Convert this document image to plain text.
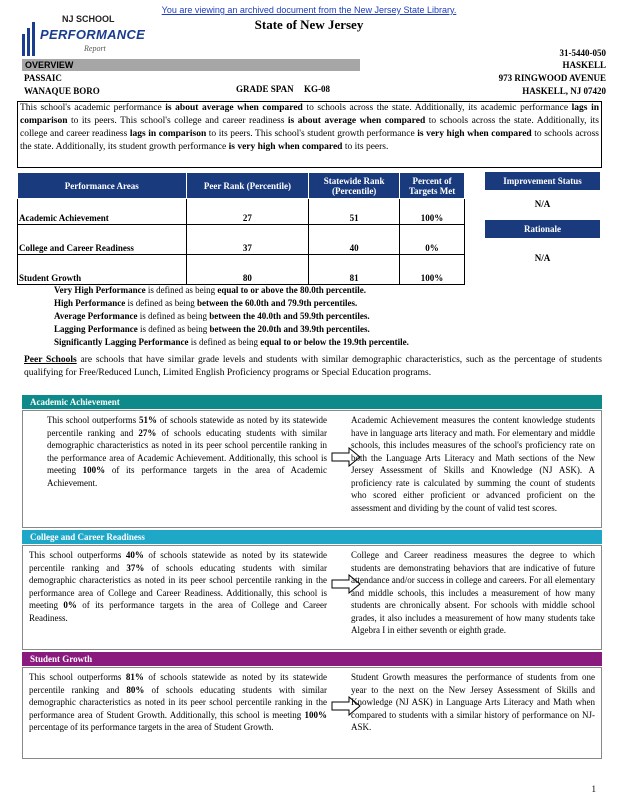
You are viewing an archived document from the New Jersey State Library.
State of New Jersey
NJ SCHOOL
PERFORMANCE
Report	31-5440-050
OVERVIEW
PASSAIC
WANAQUE BORO	GRADE SPAN KG-08
HASKELL
973 RINGWOOD AVENUE
HASKELL, NJ 07420
This school's academic performance is about average when compared to schools across the state. Additionally, its academic performance lags in comparison to its peers. This school's college and career readiness is about average when compared to schools across the state. Additionally, its college and career readiness lags in comparison to its peers. This school's student growth performance is very high when compared to schools across the state. Additionally, its student growth performance is very high when compared to its peers.
Performance Areas	Peer Rank (Percentile)	Statewide Rank (Percentile)	Percent of Targets Met
Academic Achievement	27	51	100%
College and Career Readiness	37	40	0%
Student Growth	80	81	100%
Improvement Status
N/A
Rationale
N/A
Very High Performance is defined as being equal to or above the 80.0th percentile.
High Performance is defined as being between the 60.0th and 79.9th percentiles.
Average Performance is defined as being between the 40.0th and 59.9th percentiles.
Lagging Performance is defined as being between the 20.0th and 39.9th percentiles.
Significantly Lagging Performance is defined as being equal to or below the 19.9th percentile.
Peer Schools are schools that have similar grade levels and students with similar demographic characteristics, such as the percentage of students qualifying for Free/Reduced Lunch, Limited English Proficiency programs or Special Education programs.
Academic Achievement
This school outperforms 51% of schools statewide as noted by its statewide percentile ranking and 27% of schools educating students with similar demographic characteristics as noted in its peer school percentile ranking in the performance area of Academic Achievement. Additionally, this school is meeting 100% of its performance targets in the area of Academic Achievement.
Academic Achievement measures the content knowledge students have in language arts literacy and math. For elementary and middle schools, this includes measures of the school's proficiency rate on both the Language Arts Literacy and Math sections of the New Jersey Assessment of Skills and Knowledge (NJ ASK). A proficiency rate is calculated by summing the count of students who scored either proficient or advanced proficient on the assessment and dividing by the count of valid test scores.
College and Career Readiness
This school outperforms 40% of schools statewide as noted by its statewide percentile ranking and 37% of schools educating students with similar demographic characteristics as noted in its peer school percentile ranking in the performance area of College and Career Readiness. Additionally, this school is meeting 0% of its performance targets in the area of College and Career Readiness.
College and Career readiness measures the degree to which students are demonstrating behaviors that are indicative of future attendance and/or success in college and careers. For all elementary and middle schools, this includes a measurement of how many students are chronically absent. For schools with middle school grades, it also includes a measurement of how many students take Algebra I in either seventh or eighth grade.
Student Growth
This school outperforms 81% of schools statewide as noted by its statewide percentile ranking and 80% of schools educating students with similar demographic characteristics as noted in its peer school percentile ranking in the performance area of Student Growth. Additionally, this school is meeting 100% percentage of its performance targets in the area of Student Growth.
Student Growth measures the performance of students from one year to the next on the New Jersey Assessment of Skills and Knowledge (NJ ASK) in Language Arts Literacy and Math when compared to students with a similar history of performance on NJ-ASK.
1
